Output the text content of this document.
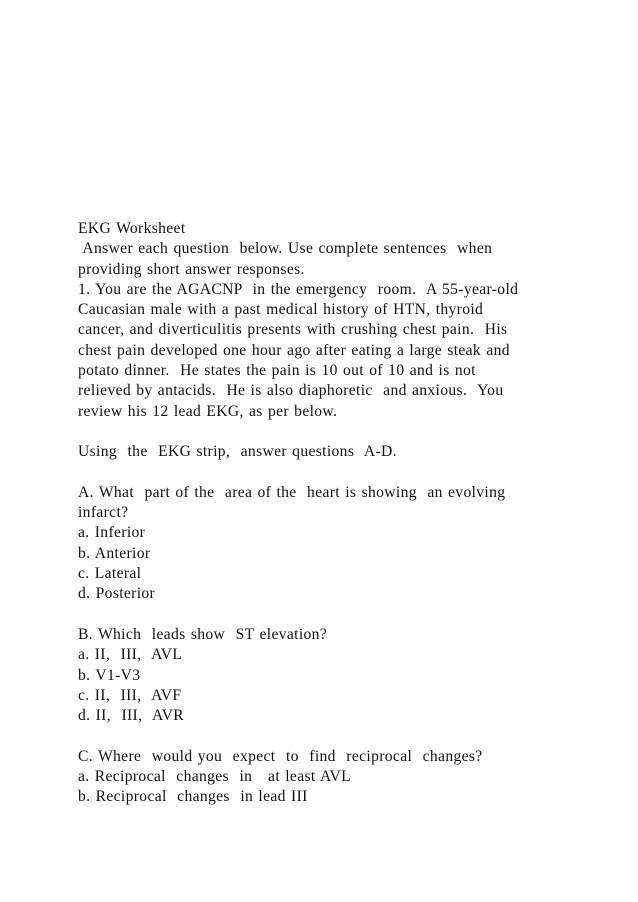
EKG Worksheet
Answer each question  below. Use complete sentences  when
providing short answer responses.
1. You are the AGACNP  in the emergency  room.  A 55-year-old
Caucasian male with a past medical history of HTN, thyroid
cancer, and diverticulitis presents with crushing chest pain.  His
chest pain developed one hour ago after eating a large steak and
potato dinner.  He states the pain is 10 out of 10 and is not
relieved by antacids.  He is also diaphoretic  and anxious.  You
review his 12 lead EKG, as per below.
Using  the  EKG strip,  answer questions  A-D.
A. What  part of the  area of the  heart is showing  an evolving
infarct?
a. Inferior
b. Anterior
c. Lateral
d. Posterior
B. Which  leads show  ST elevation?
a. II,  III,  AVL
b. V1-V3
c. II,  III,  AVF
d. II,  III,  AVR
C. Where  would you  expect  to  find  reciprocal  changes?
a. Reciprocal  changes  in   at least AVL
b. Reciprocal  changes  in lead III
